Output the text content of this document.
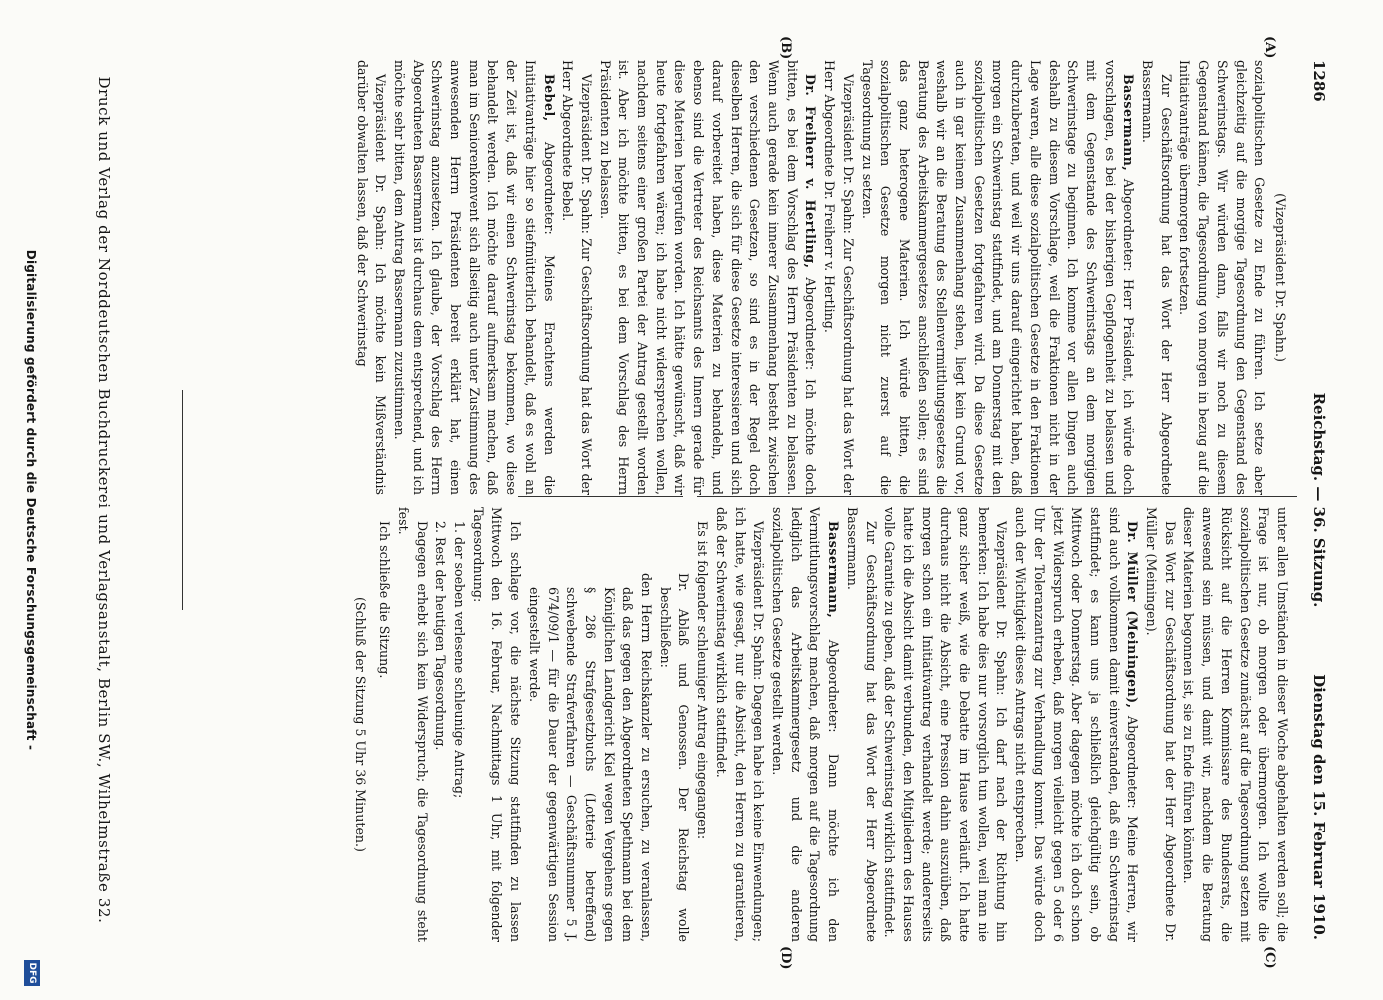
1286
Reichstag. — 36. Sitzung.
Dienstag den 15. Februar 1910.
(A)
(B)
(C)
(D)

(Vizepräsident Dr. Spahn.)

sozialpolitischen Gesetze zu Ende zu führen. Ich setze aber gleichzeitig auf die morgige Tagesordnung den Gegenstand des Schwerinstags. Wir würden dann, falls wir noch zu diesem Gegenstand kämen, die Tagesordnung von morgen in bezug auf die Initiativanträge übermorgen fortsetzen.

Zur Geschäftsordnung hat das Wort der Herr Abgeordnete Bassermann.

Bassermann, Abgeordneter: Herr Präsident, ich würde doch vorschlagen, es bei der bisherigen Gepflogenheit zu belassen und mit dem Gegenstande des Schwerinstags an dem morgigen Schwerinstage zu beginnen. Ich komme vor allen Dingen auch deshalb zu diesem Vorschlage, weil die Fraktionen nicht in der Lage waren, alle diese sozialpolitischen Gesetze in den Fraktionen durchzuberaten, und weil wir uns darauf eingerichtet haben, daß morgen ein Schwerinstag stattfindet, und am Donnerstag mit den sozialpolitischen Gesetzen fortgefahren wird. Da diese Gesetze auch in gar keinem Zusammenhang stehen, liegt kein Grund vor, weshalb wir an die Beratung des Stellenvermittlungsgesetzes die Beratung des Arbeitskammergesetzes anschließen sollen; es sind das ganz heterogene Materien. Ich würde bitten, die sozialpolitischen Gesetze morgen nicht zuerst auf die Tagesordnung zu setzen.

Vizepräsident Dr. Spahn: Zur Geschäftsordnung hat das Wort der Herr Abgeordnete Dr. Freiherr v. Hertling.

Dr. Freiherr v. Hertling, Abgeordneter: Ich möchte doch bitten, es bei dem Vorschlag des Herrn Präsidenten zu belassen. Wenn auch gerade kein innerer Zusammenhang besteht zwischen den verschiedenen Gesetzen, so sind es in der Regel doch dieselben Herren, die sich für diese Gesetze interessieren und sich darauf vorbereitet haben, diese Materien zu behandeln, und ebenso sind die Vertreter des Reichsamts des Innern gerade für diese Materien hergerufen worden. Ich hätte gewünscht, daß wir heute fortgefahren wären; ich habe nicht widersprechen wollen, nachdem seitens einer großen Partei der Antrag gestellt worden ist. Aber ich möchte bitten, es bei dem Vorschlag des Herrn Präsidenten zu belassen.

Vizepräsident Dr. Spahn: Zur Geschäftsordnung hat das Wort der Herr Abgeordnete Bebel.

Bebel, Abgeordneter: Meines Erachtens werden die Initiativanträge hier so stiefmütterlich behandelt, daß es wohl an der Zeit ist, daß wir einen Schwerinstag bekommen, wo diese behandelt werden. Ich möchte darauf aufmerksam machen, daß man im Seniorenkonvent sich allseitig auch unter Zustimmung des anwesenden Herrn Präsidenten bereit erklärt hat, einen Schwerinstag anzusetzen. Ich glaube, der Vorschlag des Herrn Abgeordneten Bassermann ist durchaus dem entsprechend, und ich möchte sehr bitten, dem Antrag Bassermann zuzustimmen.

Vizepräsident Dr. Spahn: Ich möchte kein Mißverständnis darüber obwalten lassen, daß der Schwerinstag

unter allen Umständen in dieser Woche abgehalten werden soll; die Frage ist nur, ob morgen oder übermorgen. Ich wollte die sozialpolitischen Gesetze zunächst auf die Tagesordnung setzen mit Rücksicht auf die Herren Kommissare des Bundesrats, die anwesend sein müssen, und damit wir, nachdem die Beratung dieser Materien begonnen ist, sie zu Ende führen könnten.

Das Wort zur Geschäftsordnung hat der Herr Abgeordnete Dr. Müller (Meiningen).

Dr. Müller (Meiningen), Abgeordneter: Meine Herren, wir sind auch vollkommen damit einverstanden, daß ein Schwerinstag stattfindet; es kann uns ja schließlich gleichgültig sein, ob Mittwoch oder Donnerstag. Aber dagegen möchte ich doch schon jetzt Widerspruch erheben, daß morgen vielleicht gegen 5 oder 6 Uhr der Toleranzantrag zur Verhandlung kommt. Das würde doch auch der Wichtigkeit dieses Antrags nicht entsprechen.

Vizepräsident Dr. Spahn: Ich darf nach der Richtung hin bemerken: Ich habe dies nur vorsorglich tun wollen, weil man nie ganz sicher weiß, wie die Debatte im Hause verläuft. Ich hatte durchaus nicht die Absicht, eine Pression dahin auszuüben, daß morgen schon ein Initiativantrag verhandelt werde; andererseits hatte ich die Absicht damit verbunden, den Mitgliedern des Hauses volle Garantie zu geben, daß der Schwerinstag wirklich stattfindet.

Zur Geschäftsordnung hat das Wort der Herr Abgeordnete Bassermann.

Bassermann, Abgeordneter: Dann möchte ich den Vermittlungsvorschlag machen, daß morgen auf die Tagesordnung lediglich das Arbeitskammergesetz und die anderen sozialpolitischen Gesetze gestellt werden.

Vizepräsident Dr. Spahn: Dagegen habe ich keine Einwendungen; ich hatte, wie gesagt, nur die Absicht, den Herren zu garantieren, daß der Schwerinstag wirklich stattfindet.

Es ist folgender schleuniger Antrag eingegangen:

Dr. Ablaß und Genossen. Der Reichstag wolle beschließen:

den Herrn Reichskanzler zu ersuchen, zu veranlassen, daß das gegen den Abgeordneten Spethmann bei dem Königlichen Landgericht Kiel wegen Vergehens gegen § 286 Strafgesetzbuchs (Lotterie betreffend) schwebende Strafverfahren — Geschäftsnummer 5 J. 674/09/1 — für die Dauer der gegenwärtigen Session eingestellt werde.

Ich schlage vor, die nächste Sitzung stattfinden zu lassen Mittwoch den 16. Februar, Nachmittags 1 Uhr, mit folgender Tagesordnung:

1. der soeben verlesene schleunige Antrag;

2. Rest der heutigen Tagesordnung.

Dagegen erhebt sich kein Widerspruch; die Tagesordnung steht fest.

Ich schließe die Sitzung.

(Schluß der Sitzung 5 Uhr 36 Minuten.)

Druck und Verlag der Norddeutschen Buchdruckerei und Verlagsanstalt, Berlin SW., Wilhelmstraße 32.
Digitalisierung gefördert durch die Deutsche Forschungsgemeinschaft -
DFG
